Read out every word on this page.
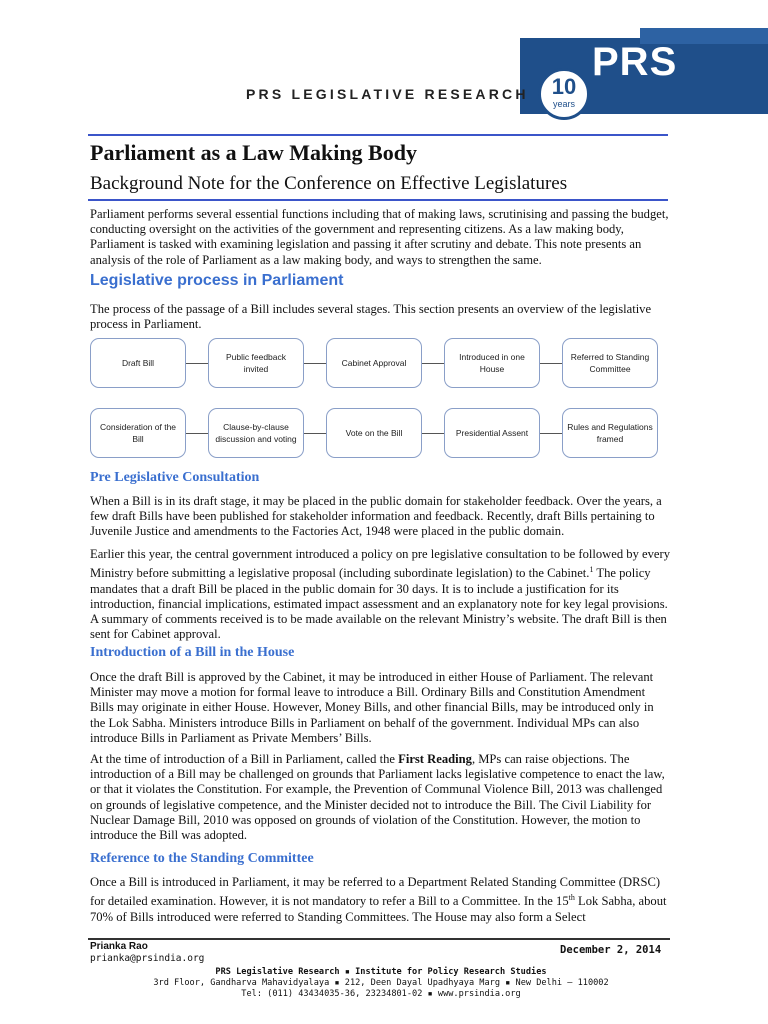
PRS
10
years
PRS LEGISLATIVE RESEARCH
Parliament as a Law Making Body
Background Note for the Conference on Effective Legislatures
Parliament performs several essential functions including that of making laws, scrutinising and passing the budget, conducting oversight on the activities of the government and representing citizens. As a law making body, Parliament is tasked with examining legislation and passing it after scrutiny and debate. This note presents an analysis of the role of Parliament as a law making body, and ways to strengthen the same.
Legislative process in Parliament
The process of the passage of a Bill includes several stages. This section presents an overview of the legislative process in Parliament.
Draft Bill
Public feedback invited
Cabinet Approval
Introduced in one House
Referred to Standing Committee
Consideration of the Bill
Clause-by-clause discussion and voting
Vote on the Bill	Presidential Assent
Rules and Regulations framed
Pre Legislative Consultation
When a Bill is in its draft stage, it may be placed in the public domain for stakeholder feedback. Over the years, a few draft Bills have been published for stakeholder information and feedback. Recently, draft Bills pertaining to Juvenile Justice and amendments to the Factories Act, 1948 were placed in the public domain.
Earlier this year, the central government introduced a policy on pre legislative consultation to be followed by every Ministry before submitting a legislative proposal (including subordinate legislation) to the Cabinet.$^1$ The policy mandates that a draft Bill be placed in the public domain for 30 days. It is to include a justification for its introduction, financial implications, estimated impact assessment and an explanatory note for key legal provisions. A summary of comments received is to be made available on the relevant Ministry’s website. The draft Bill is then sent for Cabinet approval.
Introduction of a Bill in the House
Once the draft Bill is approved by the Cabinet, it may be introduced in either House of Parliament. The relevant Minister may move a motion for formal leave to introduce a Bill. Ordinary Bills and Constitution Amendment Bills may originate in either House. However, Money Bills, and other financial Bills, may be introduced only in the Lok Sabha. Ministers introduce Bills in Parliament on behalf of the government. Individual MPs can also introduce Bills in Parliament as Private Members’ Bills.
At the time of introduction of a Bill in Parliament, called the First Reading, MPs can raise objections. The introduction of a Bill may be challenged on grounds that Parliament lacks legislative competence to enact the law, or that it violates the Constitution. For example, the Prevention of Communal Violence Bill, 2013 was challenged on grounds of legislative competence, and the Minister decided not to introduce the Bill. The Civil Liability for Nuclear Damage Bill, 2010 was opposed on grounds of violation of the Constitution. However, the motion to introduce the Bill was adopted.
Reference to the Standing Committee
Once a Bill is introduced in Parliament, it may be referred to a Department Related Standing Committee (DRSC) for detailed examination. However, it is not mandatory to refer a Bill to a Committee. In the 15th Lok Sabha, about 70% of Bills introduced were referred to Standing Committees. The House may also form a Select
Prianka Rao
prianka@prsindia.org
December 2, 2014
PRS Legislative Research ▪ Institute for Policy Research Studies
3rd Floor, Gandharva Mahavidyalaya ▪ 212, Deen Dayal Upadhyaya Marg ▪ New Delhi – 110002
Tel: (011) 43434035-36, 23234801-02 ▪ www.prsindia.org
